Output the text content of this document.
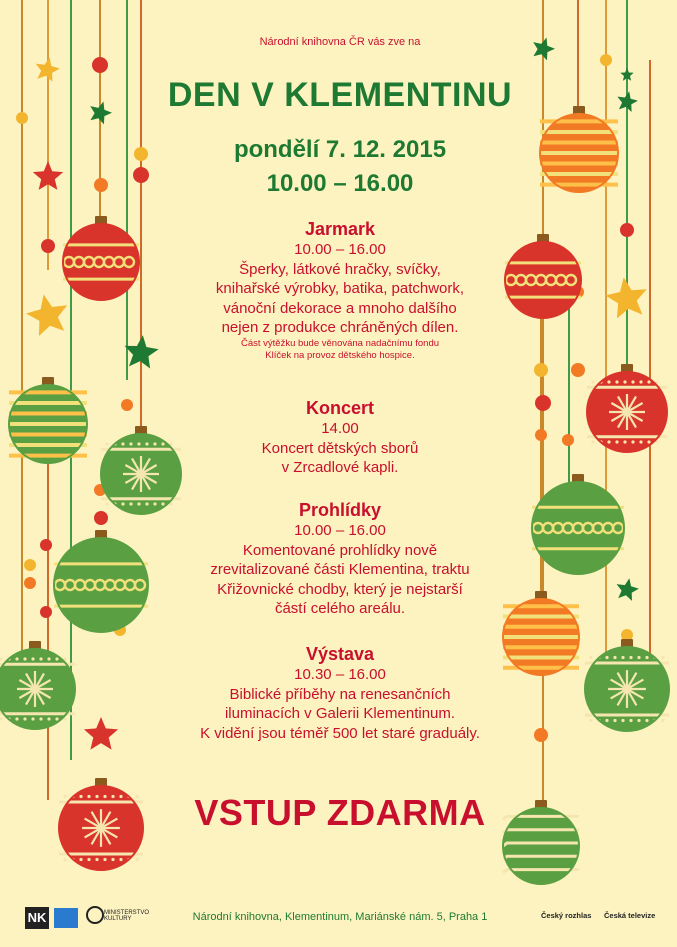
Národní knihovna ČR vás zve na
DEN V KLEMENTINU
pondělí 7. 12. 2015
10.00 – 16.00
Jarmark
10.00 – 16.00
Šperky, látkové hračky, svíčky,
knihařské výrobky, batika, patchwork,
vánoční dekorace a mnoho dalšího
nejen z produkce chráněných dílen.
Část výtěžku bude věnována nadačnímu fondu
Klíček na provoz dětského hospice.
Koncert
14.00
Koncert dětských sborů
v Zrcadlové kapli.
Prohlídky
10.00 – 16.00
Komentované prohlídky nově
zrevitalizované části Klementina, traktu
Křižovnické chodby, který je nejstarší
částí celého areálu.
Výstava
10.30 – 16.00
Biblické příběhy na renesančních
iluminacích v Galerii Klementinum.
K vidění jsou téměř 500 let staré graduály.
VSTUP ZDARMA
NK	MINISTERSTVO KULTURY	Národní knihovna, Klementinum, Mariánské nám. 5, Praha 1	Český rozhlas Česká televize
